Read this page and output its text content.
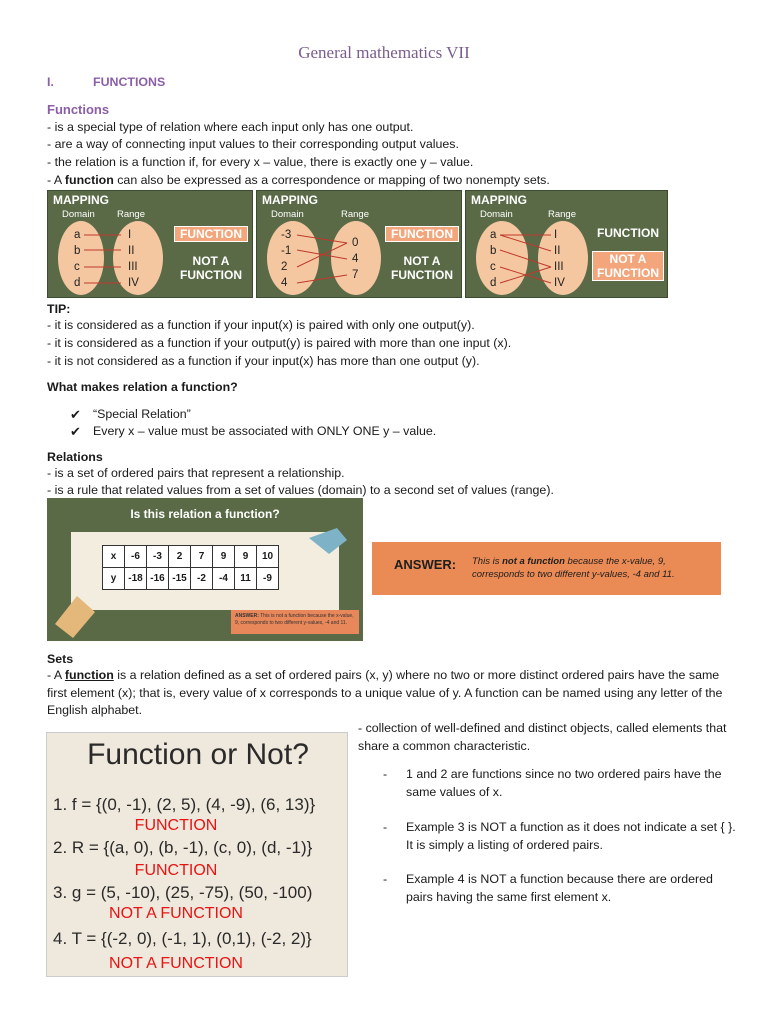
General mathematics VII
I.	FUNCTIONS
Functions
- is a special type of relation where each input only has one output.
- are a way of connecting input values to their corresponding output values.
- the relation is a function if, for every x – value, there is exactly one y – value.
- A function can also be expressed as a correspondence or mapping of two nonempty sets.
MAPPING
Domain Range
a
b
c
d
I
II
III
IV
FUNCTION
NOT A FUNCTION
MAPPING
Domain	Range
-3
-1
2
4
0
4
7
FUNCTION
NOT A FUNCTION
MAPPING
Domain	Range
a
b
c
d
I
II
III
IV
FUNCTION
NOT A FUNCTION
TIP:
- it is considered as a function if your input(x) is paired with only one output(y).
- it is considered as a function if your output(y) is paired with more than one input (x).
- it is not considered as a function if your input(x) has more than one output (y).
What makes relation a function?
✔ “Special Relation”
✔ Every x – value must be associated with ONLY ONE y – value.
Relations
- is a set of ordered pairs that represent a relationship.
- is a rule that related values from a set of values (domain) to a second set of values (range).
Is this relation a function?
x	-6	-3	2	7	9	9	10
y	-18	-16	-15	-2	-4	11	-9
ANSWER: This is not a function because the x-value, 9, corresponds to two different y-values, -4 and 11.
ANSWER: This is not a function because the x-value, 9, corresponds to two different y-values, -4 and 11.
Sets
- A function is a relation defined as a set of ordered pairs (x, y) where no two or more distinct ordered pairs have the same first element (x); that is, every value of x corresponds to a unique value of y. A function can be named using any letter of the English alphabet.
Function or Not?
1. f = {(0, -1), (2, 5), (4, -9), (6, 13)}
FUNCTION
2. R = {(a, 0), (b, -1), (c, 0), (d, -1)}
FUNCTION
3. g = (5, -10), (25, -75), (50, -100)
NOT A FUNCTION
4. T = {(-2, 0), (-1, 1), (0,1), (-2, 2)}
NOT A FUNCTION
- collection of well-defined and distinct objects, called elements that share a common characteristic.
- 1 and 2 are functions since no two ordered pairs have the same values of x.
- Example 3 is NOT a function as it does not indicate a set { }. It is simply a listing of ordered pairs.
- Example 4 is NOT a function because there are ordered pairs having the same first element x.
